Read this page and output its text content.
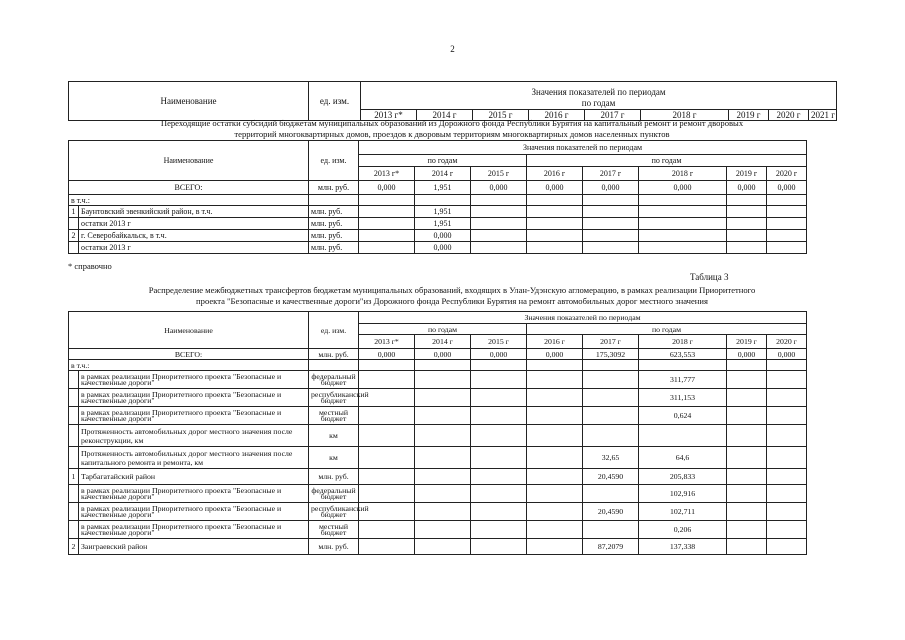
2
Наименование	ед. изм.	Значения показателей по периодам
по годам								

		2013 г*	2014 г	2015 г	2016 г	2017 г	2018 г	2019 г	2020 г	2021 г
Переходящие остатки субсидий бюджетам муниципальных образований из Дорожного фонда Республики Бурятия на капитальный ремонт и ремонт дворовых
территорий многоквартирных домов, проездов к дворовым территориям многоквартирных домов населенных пунктов
Наименование		ед. изм.	Значения показателей по периодам							
			по годам			по годам				
			2013 г*	2014 г	2015 г	2016 г	2017 г	2018 г	2019 г	2020 г
ВСЕГО:		млн. руб.	0,000	1,951	0,000	0,000	0,000	0,000	0,000	0,000
в т.ч.:										
1	Баунтовский эвенкийский район, в т.ч.	млн. руб.		1,951						
	остатки 2013 г	млн. руб.		1,951						
2	г. Северобайкальск, в т.ч.	млн. руб.		0,000						
	остатки 2013 г	млн. руб.		0,000						
* справочно
Таблица 3
Распределение межбюджетных трансфертов бюджетам муниципальных образований, входящих в Улан-Удэнскую агломерацию, в рамках реализации Приоритетного
проекта "Безопасные и качественные дороги"из Дорожного фонда Республики Бурятия на ремонт автомобильных дорог местного значения
Наименование		ед. изм.	Значения показателей по периодам							
			по годам			по годам				
			2013 г*	2014 г	2015 г	2016 г	2017 г	2018 г	2019 г	2020 г
ВСЕГО:		млн. руб.	0,000	0,000	0,000	0,000	175,3092	623,553	0,000	0,000
в т.ч.:										
	в рамках реализации Приоритетного проекта "Безопасные и качественные дороги"	федеральный бюджет						311,777		
	в рамках реализации Приоритетного проекта "Безопасные и качественные дороги"	республиканский бюджет						311,153		
	в рамках реализации Приоритетного проекта "Безопасные и качественные дороги"	местный бюджет						0,624		
	Протяженность автомобильных дорог местного значения после реконструкции, км	км								
	Протяженность автомобильных дорог местного значения после капитального ремонта и ремонта, км	км					32,65	64,6		
1	Тарбагатайский район	млн. руб.					20,4590	205,833		
	в рамках реализации Приоритетного проекта "Безопасные и качественные дороги"	федеральный бюджет						102,916		
	в рамках реализации Приоритетного проекта "Безопасные и качественные дороги"	республиканский бюджет					20,4590	102,711		
	в рамках реализации Приоритетного проекта "Безопасные и качественные дороги"	местный бюджет						0,206		
2	Заиграевский район	млн. руб.					87,2079	137,338		
